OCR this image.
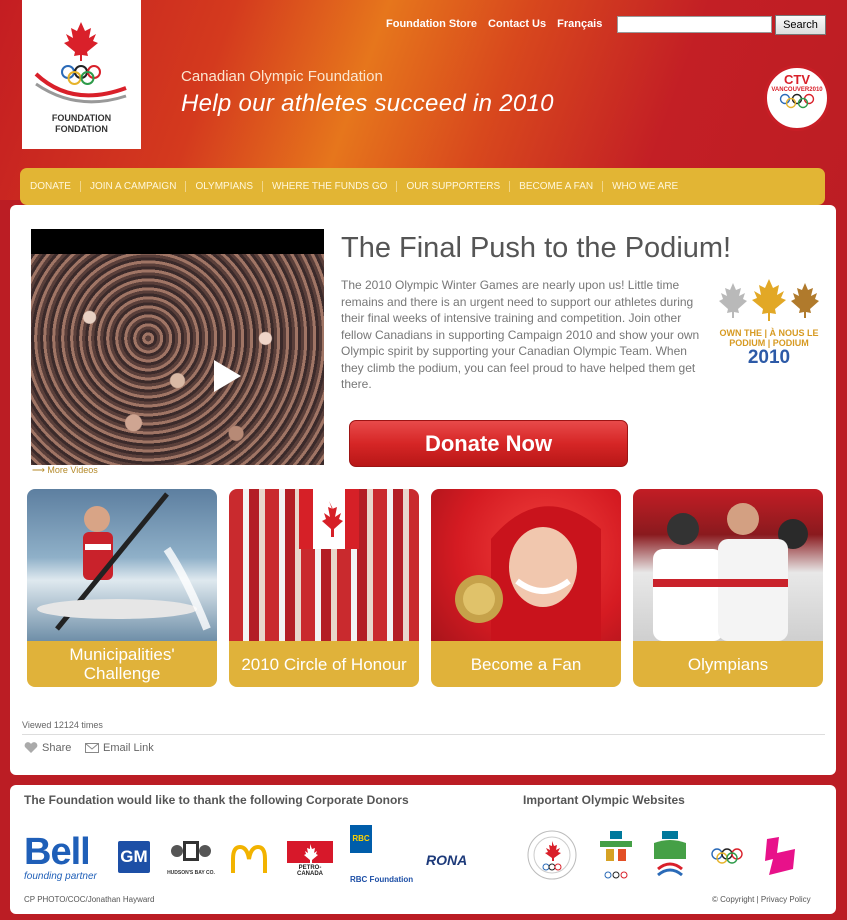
FOUNDATION
FONDATION
Foundation Store Contact Us Français	Search
Canadian Olympic Foundation
Help our athletes succeed in 2010
CTV
VANCOUVER2010
DONATE	JOIN A CAMPAIGN	OLYMPIANS	WHERE THE FUNDS GO	OUR SUPPORTERS	BECOME A FAN	WHO WE ARE
⟶ More Videos
The Final Push to the Podium!

The 2010 Olympic Winter Games are nearly upon us! Little time remains and there is an urgent need to support our athletes during their final weeks of intensive training and competition. Join other fellow Canadians in supporting Campaign 2010 and show your own Olympic spirit by supporting your Canadian Olympic Team. When they climb the podium, you can feel proud to have helped them get there.

OWN THE | À NOUS LE
PODIUM | PODIUM
2010
Donate Now
Municipalities' Challenge	2010 Circle of Honour	Become a Fan	Olympians
Viewed 12124 times
Share	Email Link
The Foundation would like to thank the following Corporate Donors	Important Olympic Websites
Bell
founding partner
GM
HUDSON'S BAY CO.
PETRO-CANADA
RBC
RBC Foundation
RONA
CP PHOTO/COC/Jonathan Hayward	© Copyright | Privacy Policy
